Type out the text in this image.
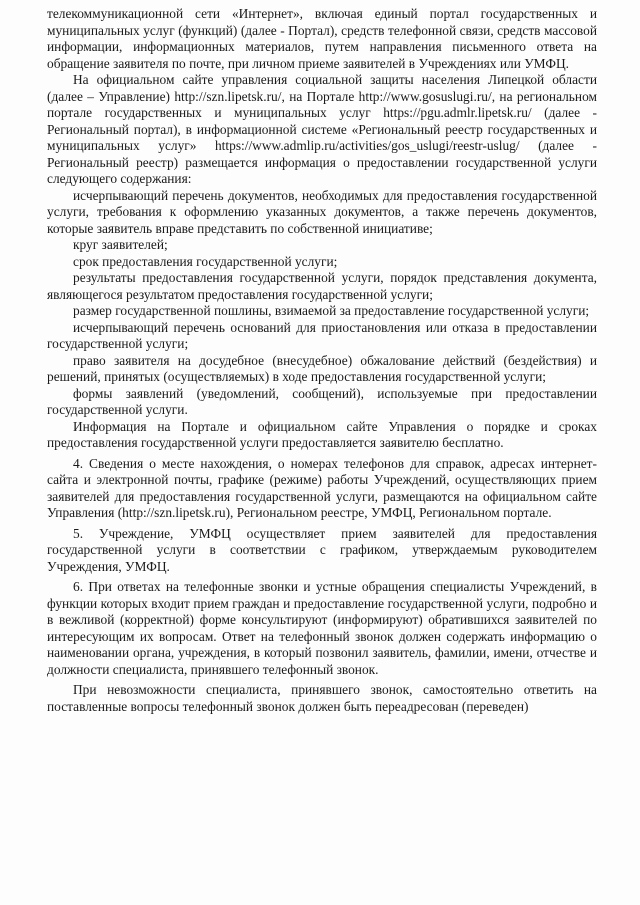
телекоммуникационной сети «Интернет», включая единый портал государственных и муниципальных услуг (функций) (далее - Портал), средств телефонной связи, средств массовой информации, информационных материалов, путем направления письменного ответа на обращение заявителя по почте, при личном приеме заявителей в Учреждениях или УМФЦ.

На официальном сайте управления социальной защиты населения Липецкой области (далее – Управление) http://szn.lipetsk.ru/, на Портале http://www.gosuslugi.ru/, на региональном портале государственных и муниципальных услуг https://pgu.admlr.lipetsk.ru/ (далее - Региональный портал), в информационной системе «Региональный реестр государственных и муниципальных услуг» https://www.admlip.ru/activities/gos_uslugi/reestr-uslug/ (далее - Региональный реестр) размещается информация о предоставлении государственной услуги следующего содержания:

исчерпывающий перечень документов, необходимых для предоставления государственной услуги, требования к оформлению указанных документов, а также перечень документов, которые заявитель вправе представить по собственной инициативе;

круг заявителей;

срок предоставления государственной услуги;

результаты предоставления государственной услуги, порядок представления документа, являющегося результатом предоставления государственной услуги;

размер государственной пошлины, взимаемой за предоставление государственной услуги;

исчерпывающий перечень оснований для приостановления или отказа в предоставлении государственной услуги;

право заявителя на досудебное (внесудебное) обжалование действий (бездействия) и решений, принятых (осуществляемых) в ходе предоставления государственной услуги;

формы заявлений (уведомлений, сообщений), используемые при предоставлении государственной услуги.

Информация на Портале и официальном сайте Управления о порядке и сроках предоставления государственной услуги предоставляется заявителю бесплатно.

4. Сведения о месте нахождения, о номерах телефонов для справок, адресах интернет-сайта и электронной почты, графике (режиме) работы Учреждений, осуществляющих прием заявителей для предоставления государственной услуги, размещаются на официальном сайте Управления (http://szn.lipetsk.ru), Региональном реестре, УМФЦ, Региональном портале.

5. Учреждение, УМФЦ осуществляет прием заявителей для предоставления государственной услуги в соответствии с графиком, утверждаемым руководителем Учреждения, УМФЦ.

6. При ответах на телефонные звонки и устные обращения специалисты Учреждений, в функции которых входит прием граждан и предоставление государственной услуги, подробно и в вежливой (корректной) форме консультируют (информируют) обратившихся заявителей по интересующим их вопросам. Ответ на телефонный звонок должен содержать информацию о наименовании органа, учреждения, в который позвонил заявитель, фамилии, имени, отчестве и должности специалиста, принявшего телефонный звонок.

При невозможности специалиста, принявшего звонок, самостоятельно ответить на поставленные вопросы телефонный звонок должен быть переадресован (переведен)
